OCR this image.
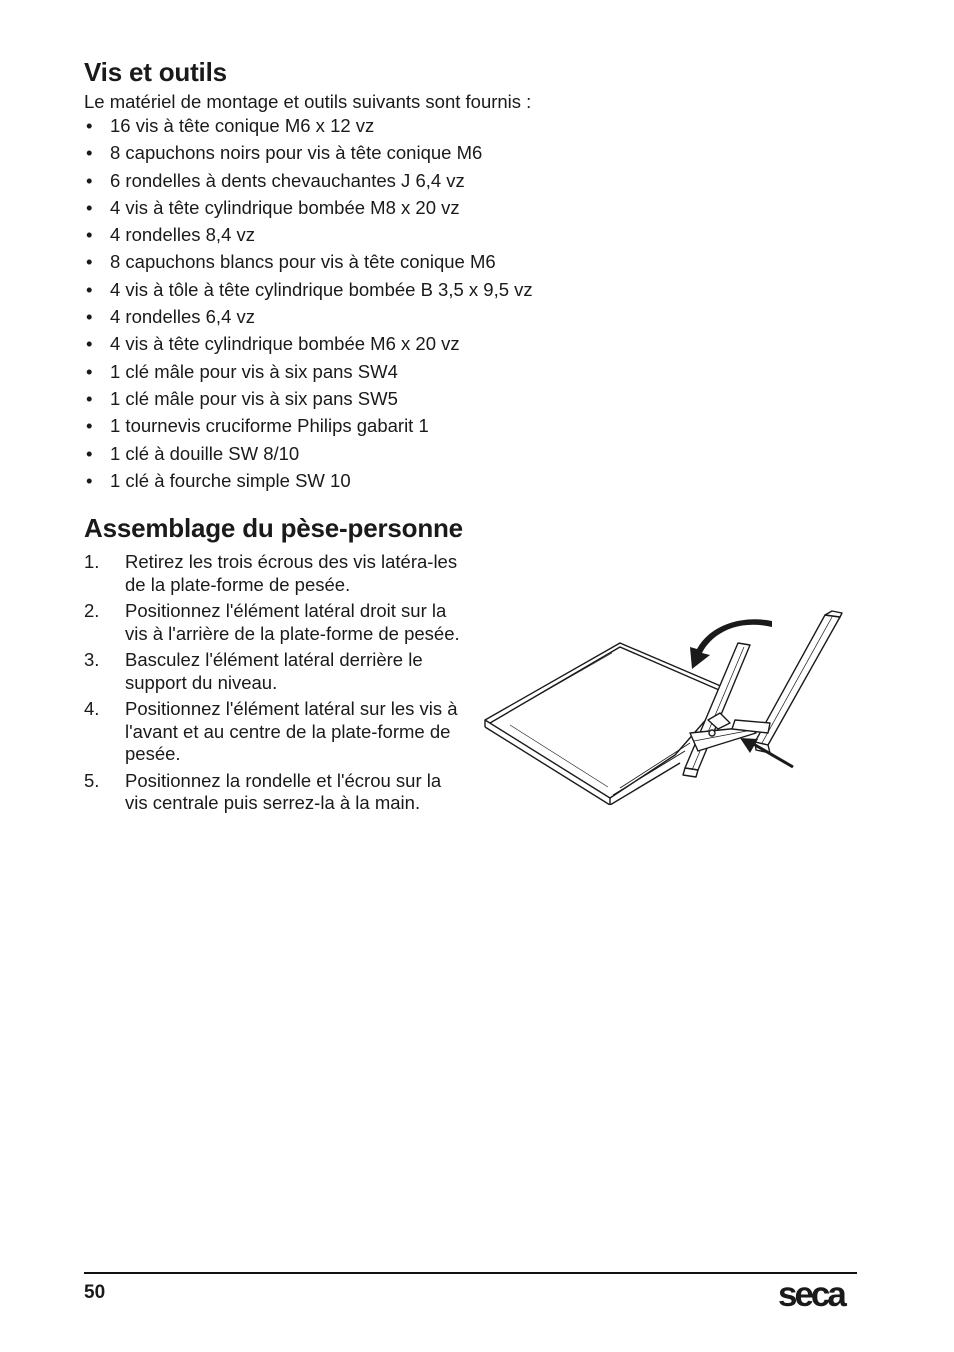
Vis et outils

Le matériel de montage et outils suivants sont fournis :

• 16 vis à tête conique M6 x 12 vz
• 8 capuchons noirs pour vis à tête conique M6
• 6 rondelles à dents chevauchantes J 6,4 vz
• 4 vis à tête cylindrique bombée M8 x 20 vz
• 4 rondelles 8,4 vz
• 8 capuchons blancs pour vis à tête conique M6
• 4 vis à tôle à tête cylindrique bombée B 3,5 x 9,5 vz
• 4 rondelles 6,4 vz
• 4 vis à tête cylindrique bombée M6 x 20 vz
• 1 clé mâle pour vis à six pans SW4
• 1 clé mâle pour vis à six pans SW5
• 1 tournevis cruciforme Philips gabarit 1
• 1 clé à douille SW 8/10
• 1 clé à fourche simple SW 10
Assemblage du pèse-personne
1. Retirez les trois écrous des vis latéra-les de la plate-forme de pesée.
2. Positionnez l'élément latéral droit sur la vis à l'arrière de la plate-forme de pesée.
3. Basculez l'élément latéral derrière le support du niveau.
4. Positionnez l'élément latéral sur les vis à l'avant et au centre de la plate-forme de pesée.
5. Positionnez la rondelle et l'écrou sur la vis centrale puis serrez-la à la main.
50	seca
